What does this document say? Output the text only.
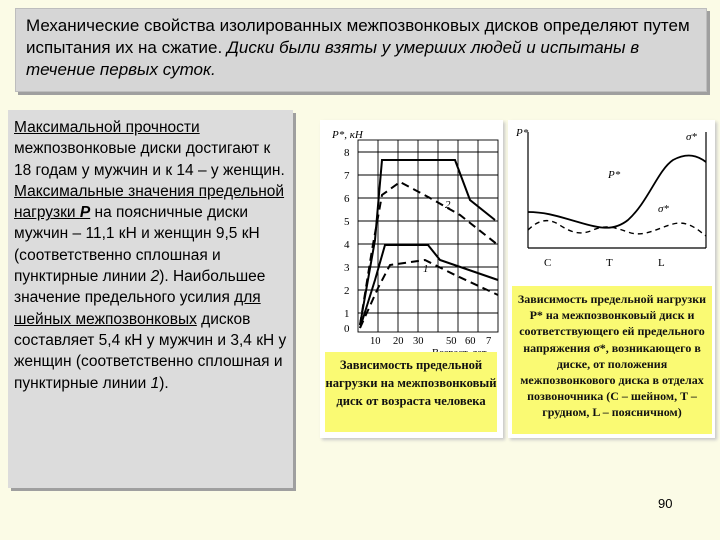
Механические свойства изолированных межпозвонковых дисков определяют путем испытания их на сжатие. Диски были взяты у умерших людей и испытаны в течение первых суток.
Максимальной прочности межпозвонковые диски достигают к 18 годам у мужчин и к 14 – у женщин. Максимальные значения предельной нагрузки P на поясничные диски мужчин – 11,1 кН и женщин 9,5 кН (соответственно сплошная и пунктирные линии 2). Наибольшее значение предельного усилия для шейных межпозвонковых дисков составляет 5,4 кН у мужчин и 3,4 кН у женщин (соответственно сплошная и пунктирные линии 1).
P*, кН
8
7
6
5
4
3
2
1
0
2
1
10 20 30 50 60 7
Зависимость предельной нагрузки на межпозвонковый диск от возраста человека
P*	σ*
P*
σ*
C	T	L
Зависимость предельной нагрузки P* на межпозвонковый диск и соответствующего ей предельного напряжения σ*, возникающего в диске, от положения межпозвонкового диска в отделах позвоночника (C – шейном, T – грудном, L – поясничном)
90
